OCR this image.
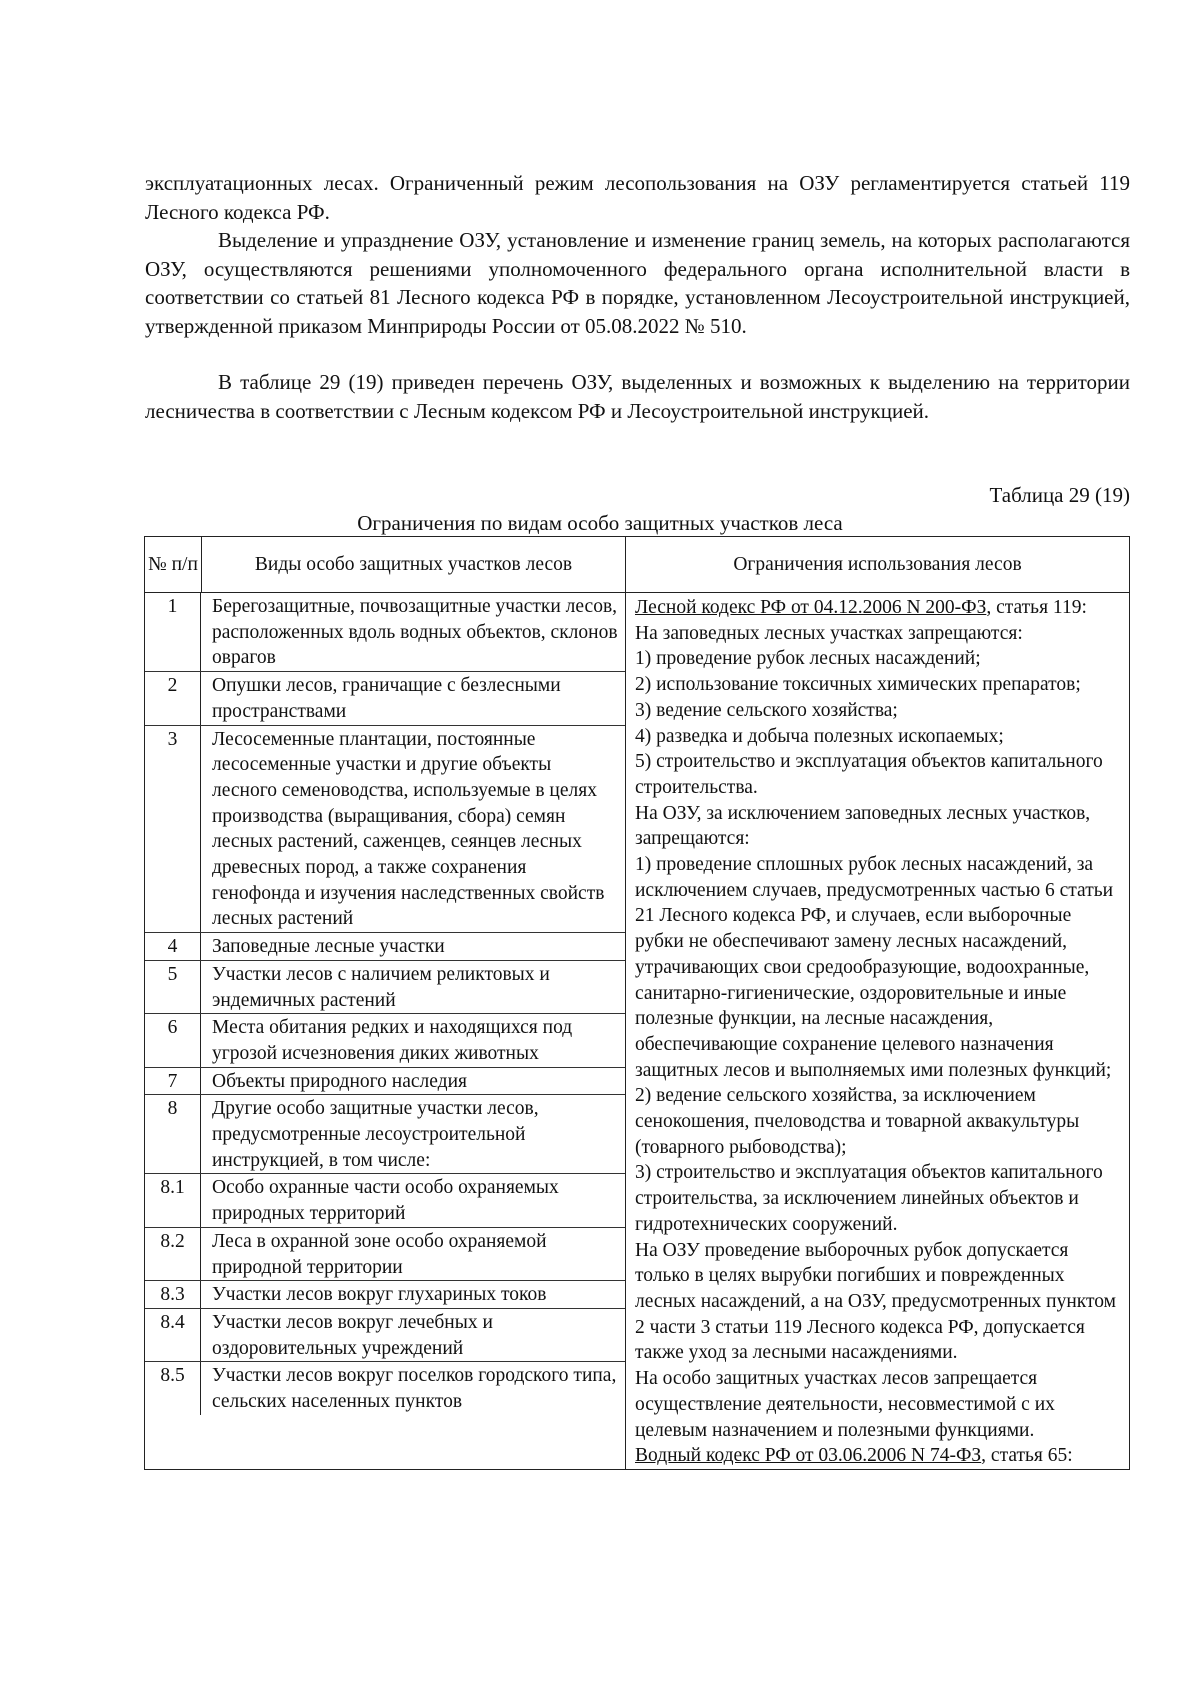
эксплуатационных лесах. Ограниченный режим лесопользования на ОЗУ регламентируется статьей 119 Лесного кодекса РФ.

Выделение и упразднение ОЗУ, установление и изменение границ земель, на которых располагаются ОЗУ, осуществляются решениями уполномоченного федерального органа исполнительной власти в соответствии со статьей 81 Лесного кодекса РФ в порядке, установленном Лесоустроительной инструкцией, утвержденной приказом Минприроды России от 05.08.2022 № 510.

В таблице 29 (19) приведен перечень ОЗУ, выделенных и возможных к выделению на территории лесничества в соответствии с Лесным кодексом РФ и Лесоустроительной инструкцией.

Таблица 29 (19)
Ограничения по видам особо защитных участков леса
№ п/п	Виды особо защитных участков лесов	Ограничения использования лесов
1	Берегозащитные, почвозащитные участки лесов, расположенных вдоль водных объектов, склонов оврагов
2	Опушки лесов, граничащие с безлесными пространствами
3	Лесосеменные плантации, постоянные лесосеменные участки и другие объекты лесного семеноводства, используемые в целях производства (выращивания, сбора) семян лесных растений, саженцев, сеянцев лесных древесных пород, а также сохранения генофонда и изучения наследственных свойств лесных растений
4	Заповедные лесные участки
5	Участки лесов с наличием реликтовых и эндемичных растений
6	Места обитания редких и находящихся под угрозой исчезновения диких животных
7	Объекты природного наследия
8	Другие особо защитные участки лесов, предусмотренные лесоустроительной инструкцией, в том числе:
8.1	Особо охранные части особо охраняемых природных территорий
8.2	Леса в охранной зоне особо охраняемой природной территории
8.3	Участки лесов вокруг глухариных токов
8.4	Участки лесов вокруг лечебных и оздоровительных учреждений
8.5	Участки лесов вокруг поселков городского типа, сельских населенных пунктов
Лесной кодекс РФ от 04.12.2006 N 200-ФЗ, статья 119:
На заповедных лесных участках запрещаются:
1) проведение рубок лесных насаждений;
2) использование токсичных химических препаратов;
3) ведение сельского хозяйства;
4) разведка и добыча полезных ископаемых;
5) строительство и эксплуатация объектов капитального строительства.
На ОЗУ, за исключением заповедных лесных участков, запрещаются:
1) проведение сплошных рубок лесных насаждений, за исключением случаев, предусмотренных частью 6 статьи 21 Лесного кодекса РФ, и случаев, если выборочные рубки не обеспечивают замену лесных насаждений, утрачивающих свои средообразующие, водоохранные, санитарно-гигиенические, оздоровительные и иные полезные функции, на лесные насаждения, обеспечивающие сохранение целевого назначения защитных лесов и выполняемых ими полезных функций;
2) ведение сельского хозяйства, за исключением сенокошения, пчеловодства и товарной аквакультуры (товарного рыбоводства);
3) строительство и эксплуатация объектов капитального строительства, за исключением линейных объектов и гидротехнических сооружений.
На ОЗУ проведение выборочных рубок допускается только в целях вырубки погибших и поврежденных лесных насаждений, а на ОЗУ, предусмотренных пунктом 2 части 3 статьи 119 Лесного кодекса РФ, допускается также уход за лесными насаждениями.
На особо защитных участках лесов запрещается осуществление деятельности, несовместимой с их целевым назначением и полезными функциями.
Водный кодекс РФ от 03.06.2006 N 74-ФЗ, статья 65:
